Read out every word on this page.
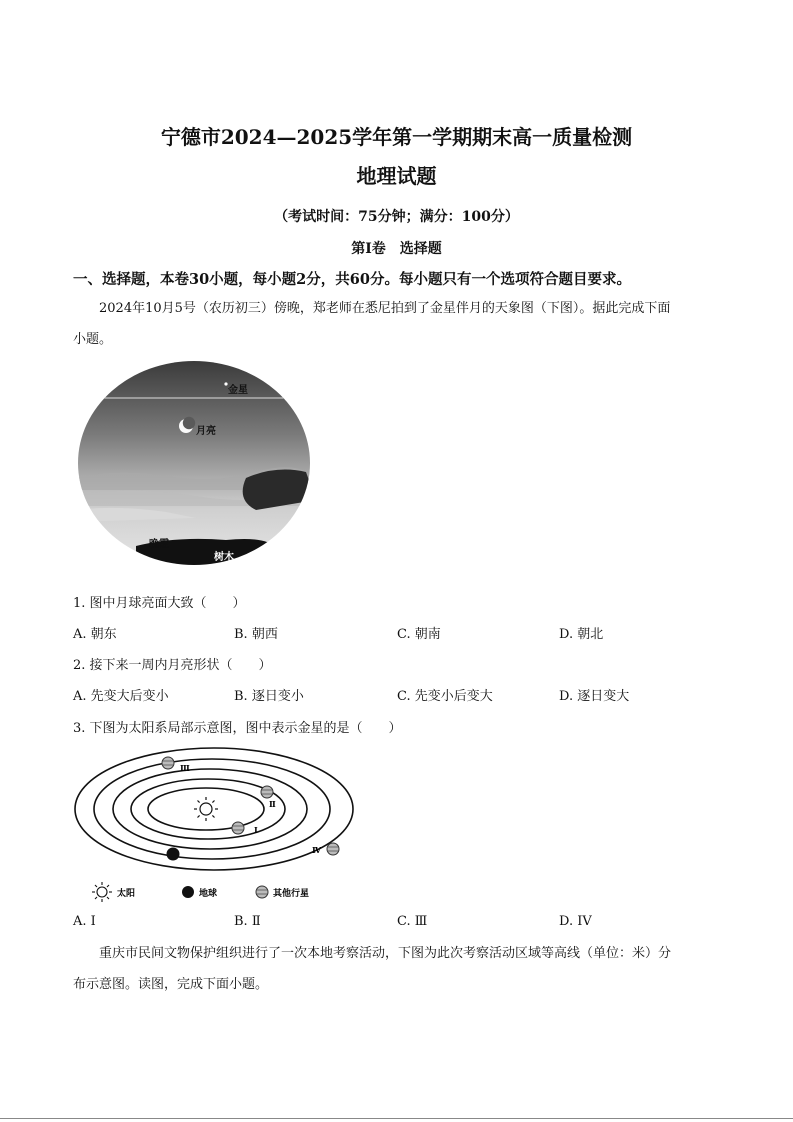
宁德市2024—2025学年第一学期期末高一质量检测
地理试题
（考试时间：75分钟；满分：100分）
第I卷　选择题
一、选择题，本卷30小题，每小题2分，共60分。每小题只有一个选项符合题目要求。
2024年10月5号（农历初三）傍晚，郑老师在悉尼拍到了金星伴月的天象图（下图）。据此完成下面
小题。
金星
月亮
晚霞
树木
1. 图中月球亮面大致（　　）
A. 朝东	B. 朝西	C. 朝南	D. 朝北
2. 接下来一周内月亮形状（　　）
A. 先变大后变小	B. 逐日变小	C. 先变小后变大	D. 逐日变大
3. 下图为太阳系局部示意图，图中表示金星的是（　　）
I
Ⅱ
Ⅲ
Ⅳ
太阳	地球	其他行星
A. I	B. Ⅱ	C. Ⅲ	D. IV
重庆市民间文物保护组织进行了一次本地考察活动，下图为此次考察活动区域等高线（单位：米）分
布示意图。读图，完成下面小题。
